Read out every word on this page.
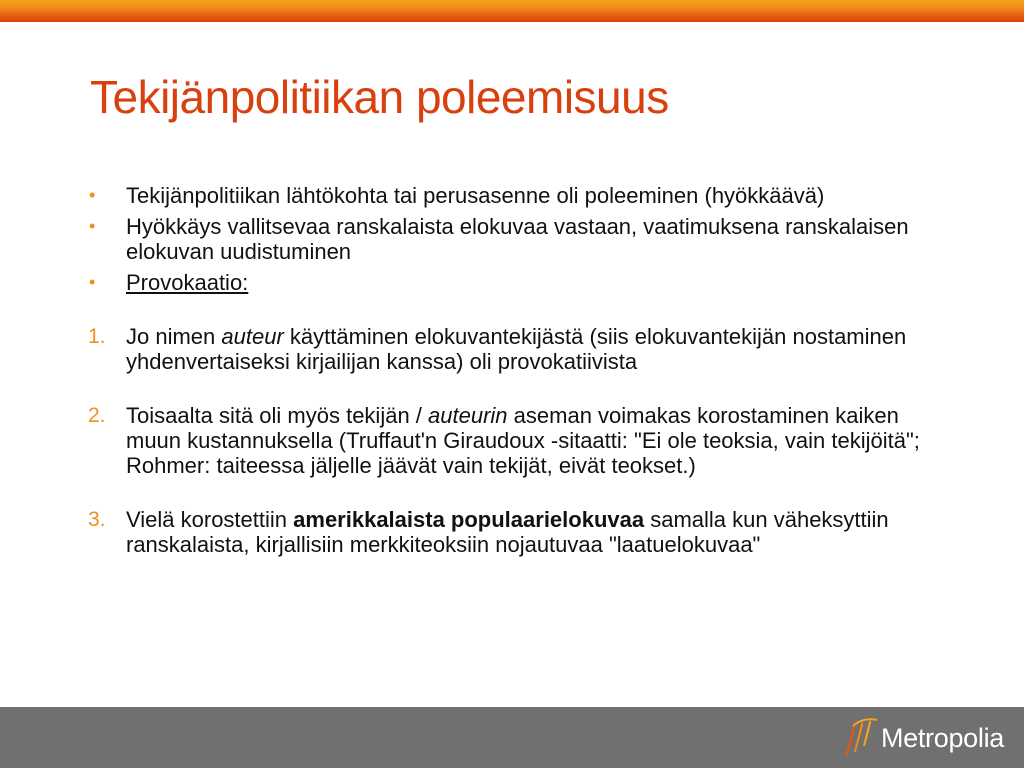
Tekijänpolitiikan poleemisuus
• Tekijänpolitiikan lähtökohta tai perusasenne oli poleeminen (hyökkäävä)
• Hyökkäys vallitsevaa ranskalaista elokuvaa vastaan, vaatimuksena ranskalaisen elokuvan uudistuminen
• Provokaatio:
1. Jo nimen auteur käyttäminen elokuvantekijästä (siis elokuvantekijän nostaminen yhdenvertaiseksi kirjailijan kanssa) oli provokatiivista
2. Toisaalta sitä oli myös tekijän / auteurin aseman voimakas korostaminen kaiken muun kustannuksella (Truffaut'n Giraudoux -sitaatti: "Ei ole teoksia, vain tekijöitä"; Rohmer: taiteessa jäljelle jäävät vain tekijät, eivät teokset.)
3. Vielä korostettiin amerikkalaista populaarielokuvaa samalla kun väheksyttiin ranskalaista, kirjallisiin merkkiteoksiin nojautuvaa "laatuelokuvaa"
Metropolia
